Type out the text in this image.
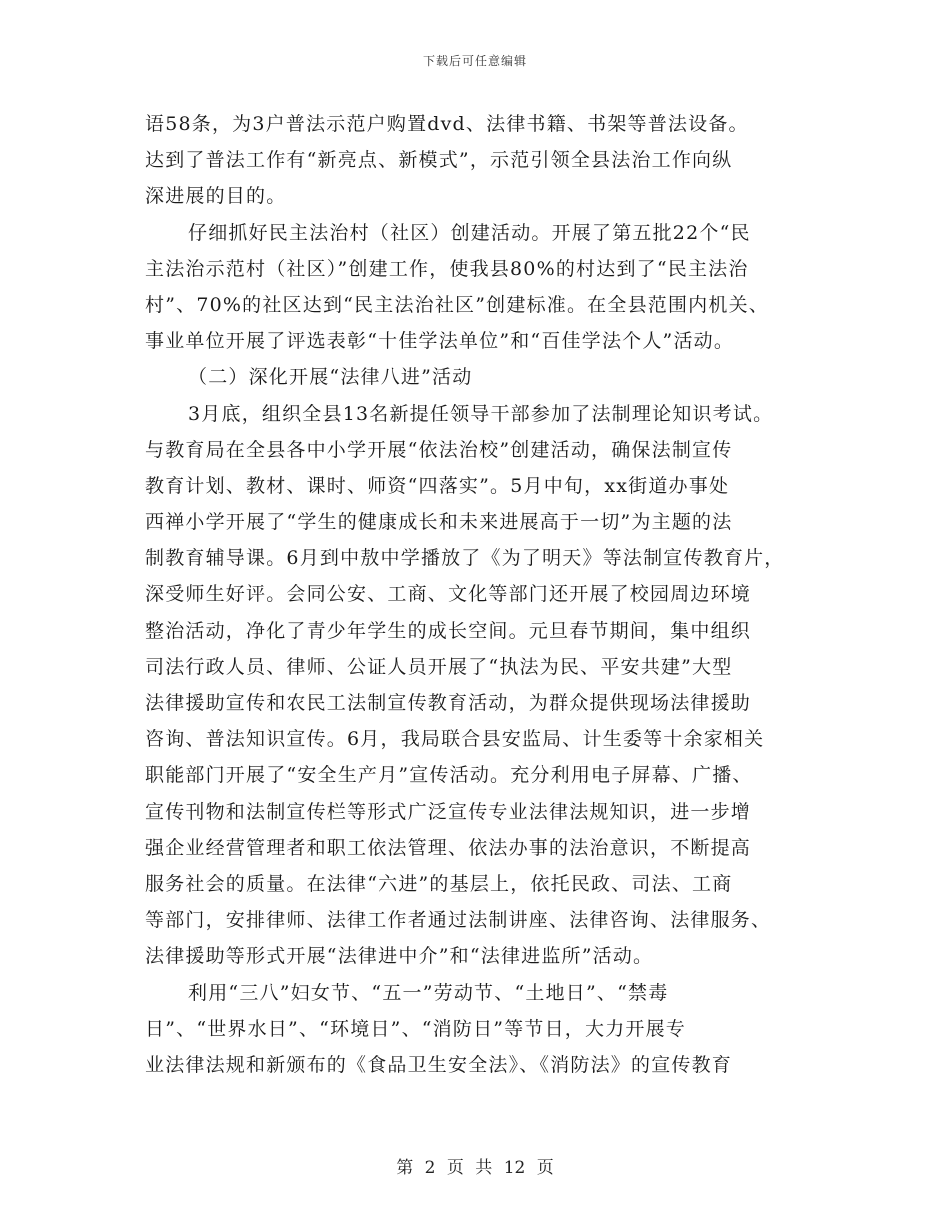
下载后可任意编辑
语58条，为3户普法示范户购置dvd、法律书籍、书架等普法设备。
达到了普法工作有“新亮点、新模式”，示范引领全县法治工作向纵
深进展的目的。
仔细抓好民主法治村（社区）创建活动。开展了第五批22个“民
主法治示范村（社区）”创建工作，使我县80%的村达到了“民主法治
村”、70%的社区达到“民主法治社区”创建标准。在全县范围内机关、
事业单位开展了评选表彰“十佳学法单位”和“百佳学法个人”活动。
（二）深化开展“法律八进”活动
3月底，组织全县13名新提任领导干部参加了法制理论知识考试。
与教育局在全县各中小学开展“依法治校”创建活动，确保法制宣传
教育计划、教材、课时、师资“四落实”。5月中旬，xx街道办事处
西禅小学开展了“学生的健康成长和未来进展高于一切”为主题的法
制教育辅导课。6月到中敖中学播放了《为了明天》等法制宣传教育片，
深受师生好评。会同公安、工商、文化等部门还开展了校园周边环境
整治活动，净化了青少年学生的成长空间。元旦春节期间，集中组织
司法行政人员、律师、公证人员开展了“执法为民、平安共建”大型
法律援助宣传和农民工法制宣传教育活动，为群众提供现场法律援助
咨询、普法知识宣传。6月，我局联合县安监局、计生委等十余家相关
职能部门开展了“安全生产月”宣传活动。充分利用电子屏幕、广播、
宣传刊物和法制宣传栏等形式广泛宣传专业法律法规知识，进一步增
强企业经营管理者和职工依法管理、依法办事的法治意识，不断提高
服务社会的质量。在法律“六进”的基层上，依托民政、司法、工商
等部门，安排律师、法律工作者通过法制讲座、法律咨询、法律服务、
法律援助等形式开展“法律进中介”和“法律进监所”活动。
利用“三八”妇女节、“五一”劳动节、“土地日”、“禁毒
日”、“世界水日”、“环境日”、“消防日”等节日，大力开展专
业法律法规和新颁布的《食品卫生安全法》、《消防法》的宣传教育
第 2 页 共 12 页
